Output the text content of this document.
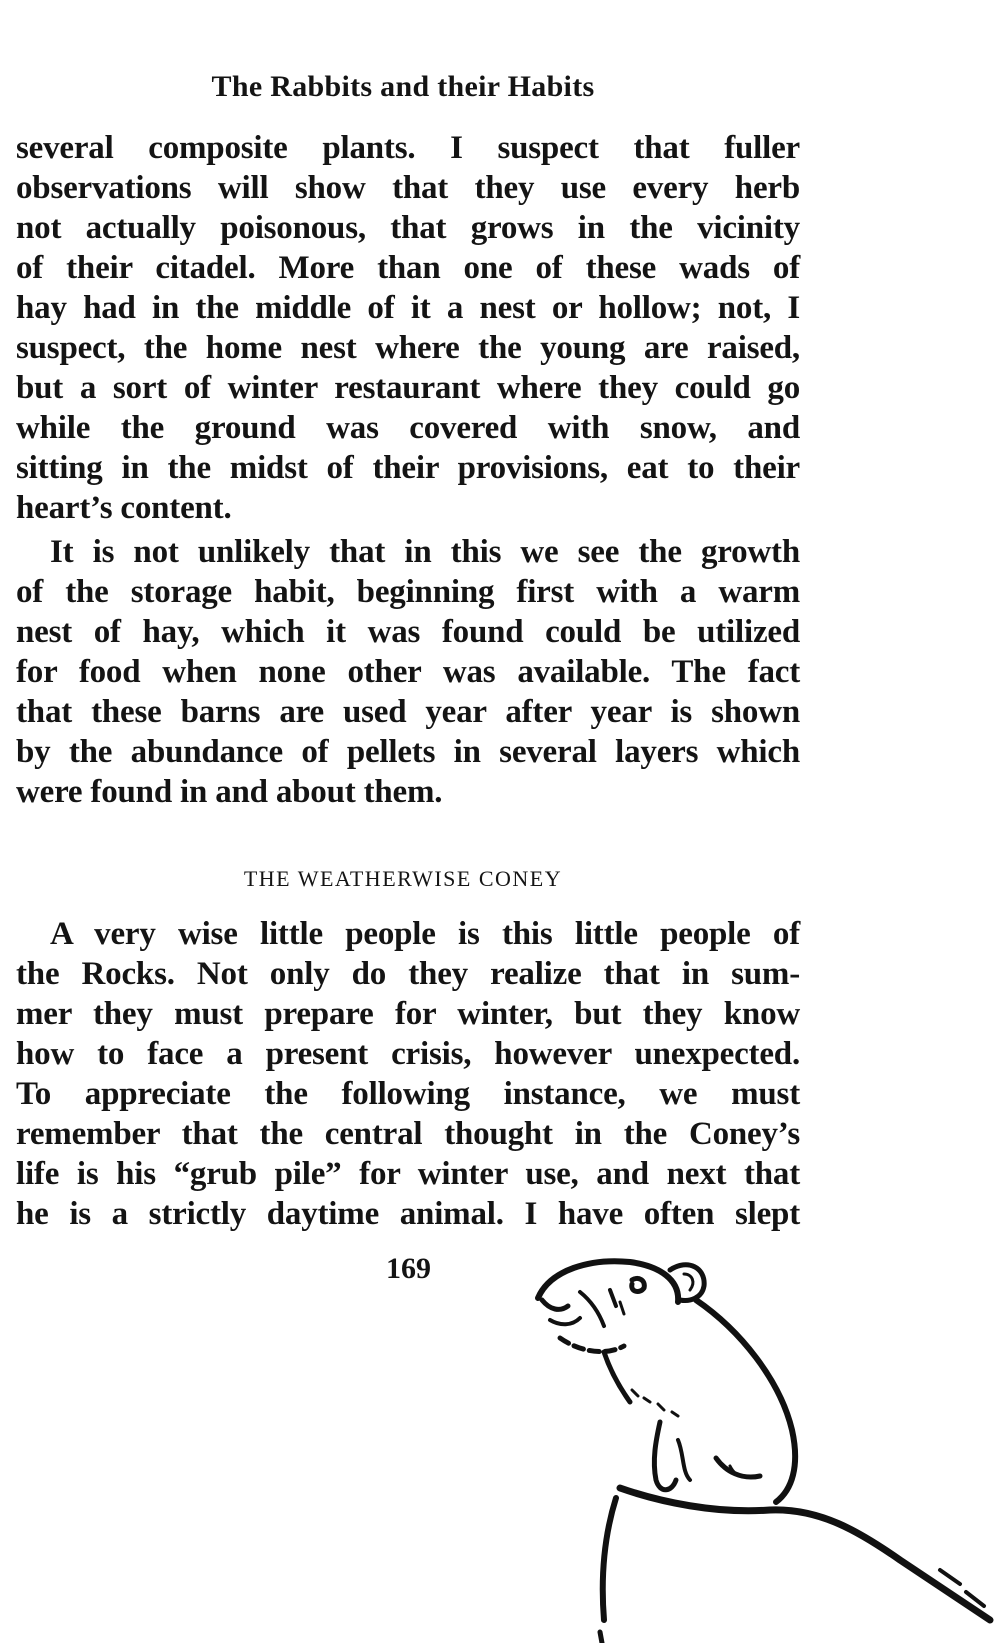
The Rabbits and their Habits
several composite plants. I suspect that fuller
observations will show that they use every herb
not actually poisonous, that grows in the vicinity
of their citadel. More than one of these wads of
hay had in the middle of it a nest or hollow; not, I
suspect, the home nest where the young are raised,
but a sort of winter restaurant where they could go
while the ground was covered with snow, and
sitting in the midst of their provisions, eat to their
heart’s content.
It is not unlikely that in this we see the growth
of the storage habit, beginning first with a warm
nest of hay, which it was found could be utilized
for food when none other was available. The fact
that these barns are used year after year is shown
by the abundance of pellets in several layers which
were found in and about them.
THE WEATHERWISE CONEY
A very wise little people is this little people of
the Rocks. Not only do they realize that in sum-
mer they must prepare for winter, but they know
how to face a present crisis, however unexpected.
To appreciate the following instance, we must
remember that the central thought in the Coney’s
life is his “grub pile” for winter use, and next that
he is a strictly daytime animal. I have often slept
169
